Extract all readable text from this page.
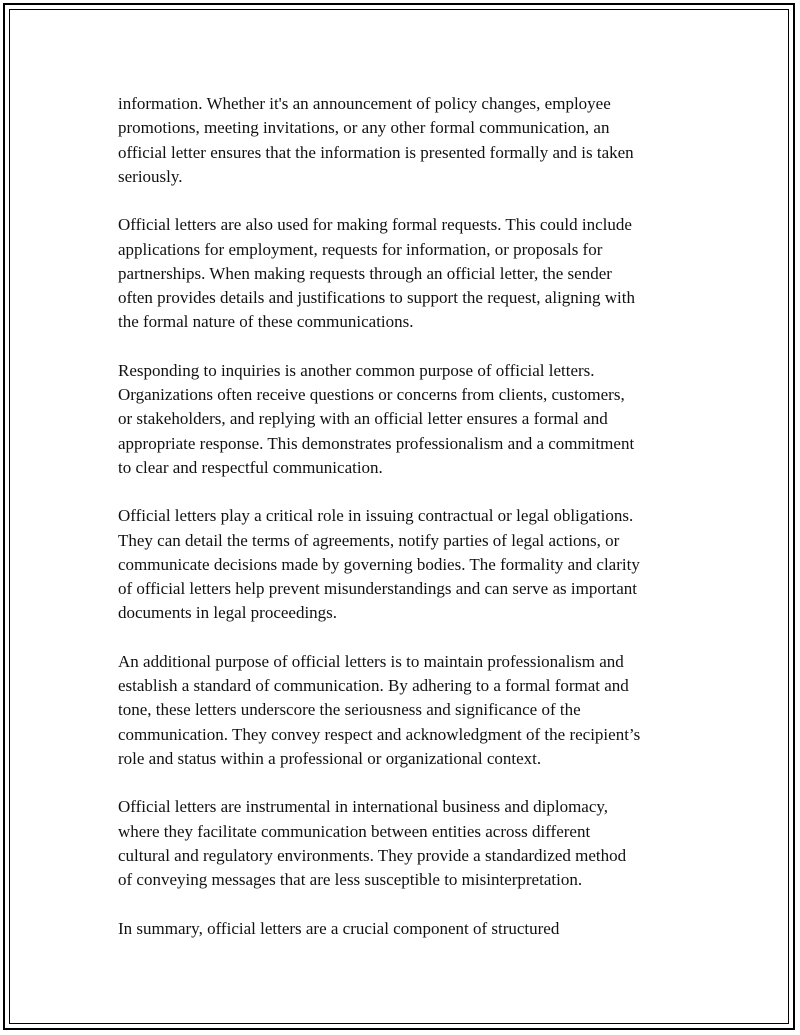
information. Whether it's an announcement of policy changes, employee
promotions, meeting invitations, or any other formal communication, an
official letter ensures that the information is presented formally and is taken
seriously.

Official letters are also used for making formal requests. This could include
applications for employment, requests for information, or proposals for
partnerships. When making requests through an official letter, the sender
often provides details and justifications to support the request, aligning with
the formal nature of these communications.

Responding to inquiries is another common purpose of official letters.
Organizations often receive questions or concerns from clients, customers,
or stakeholders, and replying with an official letter ensures a formal and
appropriate response. This demonstrates professionalism and a commitment
to clear and respectful communication.

Official letters play a critical role in issuing contractual or legal obligations.
They can detail the terms of agreements, notify parties of legal actions, or
communicate decisions made by governing bodies. The formality and clarity
of official letters help prevent misunderstandings and can serve as important
documents in legal proceedings.

An additional purpose of official letters is to maintain professionalism and
establish a standard of communication. By adhering to a formal format and
tone, these letters underscore the seriousness and significance of the
communication. They convey respect and acknowledgment of the recipient’s
role and status within a professional or organizational context.

Official letters are instrumental in international business and diplomacy,
where they facilitate communication between entities across different
cultural and regulatory environments. They provide a standardized method
of conveying messages that are less susceptible to misinterpretation.

In summary, official letters are a crucial component of structured
